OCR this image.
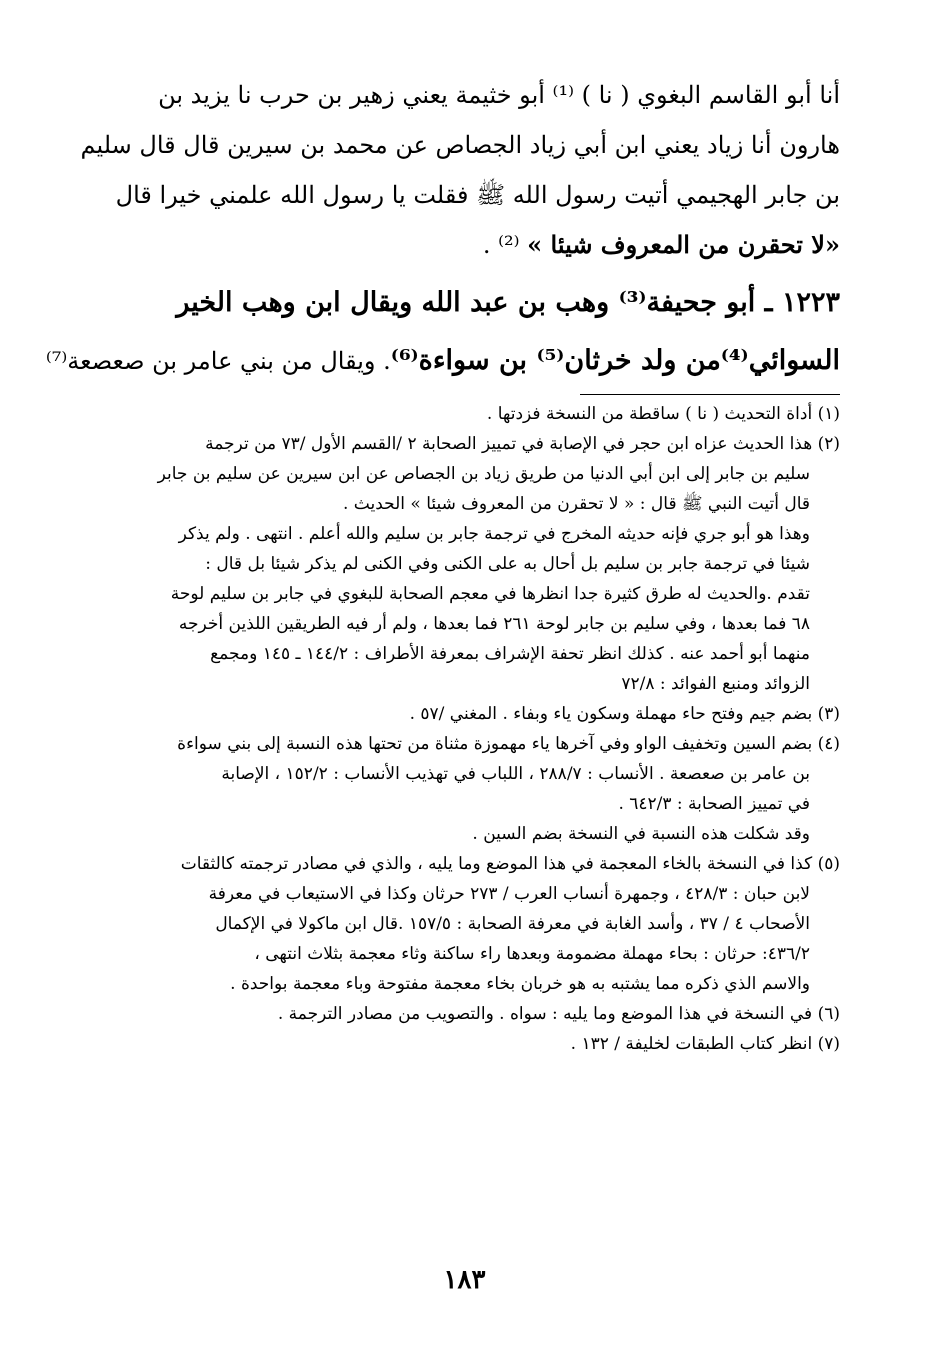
أنا أبو القاسم البغوي ( نا ) ⁽¹⁾ أبو خثيمة يعني زهير بن حرب نا يزيد بن
هارون أنا زياد يعني ابن أبي زياد الجصاص عن محمد بن سيرين قال قال سليم
بن جابر الهجيمي أتيت رسول الله ﷺ فقلت يا رسول الله علمني خيرا قال
«لا تحقرن من المعروف شيئا » ⁽²⁾ .
١٢٢٣ ـ أبو جحيفة⁽³⁾ وهب بن عبد الله ويقال ابن وهب الخير
السوائي⁽⁴⁾من ولد خرثان⁽⁵⁾ بن سواءة⁽⁶⁾. ويقال من بني عامر بن صعصعة⁽⁷⁾
(١) أداة التحديث ( نا ) ساقطة من النسخة فزدتها .
(٢) هذا الحديث عزاه ابن حجر في الإصابة في تمييز الصحابة ٢ /القسم الأول /٧٣ من ترجمة
سليم بن جابر إلى ابن أبي الدنيا من طريق زياد بن الجصاص عن ابن سيرين عن سليم بن جابر
قال أتيت النبي ﷺ قال : « لا تحقرن من المعروف شيئا » الحديث .
وهذا هو أبو جري فإنه حديثه المخرج في ترجمة جابر بن سليم والله أعلم . انتهى . ولم يذكر
شيئا في ترجمة جابر بن سليم بل أحال به على الكنى وفي الكنى لم يذكر شيئا بل قال :
تقدم .والحديث له طرق كثيرة جدا انظرها في معجم الصحابة للبغوي في جابر بن سليم لوحة
٦٨ فما بعدها ، وفي سليم بن جابر لوحة ٢٦١ فما بعدها ، ولم أر فيه الطريقين اللذين أخرجه
منهما أبو أحمد عنه . كذلك انظر تحفة الإشراف بمعرفة الأطراف : ١٤٤/٢ ـ ١٤٥ ومجمع
الزوائد ومنبع الفوائد : ٧٢/٨
(٣) بضم جيم وفتح حاء مهملة وسكون ياء وبفاء . المغني /٥٧ .
(٤) بضم السين وتخفيف الواو وفي آخرها ياء مهموزة مثناة من تحتها هذه النسبة إلى بني سواءة
بن عامر بن صعصعة . الأنساب : ٢٨٨/٧ ، اللباب في تهذيب الأنساب : ١٥٢/٢ ، الإصابة
في تمييز الصحابة : ٦٤٢/٣ .
وقد شكلت هذه النسبة في النسخة بضم السين .
(٥) كذا في النسخة بالخاء المعجمة في هذا الموضع وما يليه ، والذي في مصادر ترجمته كالثقات
لابن حبان : ٤٢٨/٣ ، وجمهرة أنساب العرب / ٢٧٣ حرثان وكذا في الاستيعاب في معرفة
الأصحاب ٤ / ٣٧ ، وأسد الغابة في معرفة الصحابة : ١٥٧/٥ .قال ابن ماكولا في الإكمال
٤٣٦/٢: حرثان : بحاء مهملة مضمومة وبعدها راء ساكنة وثاء معجمة بثلاث انتهى ،
والاسم الذي ذكره مما يشتبه به هو خربان بخاء معجمة مفتوحة وباء معجمة بواحدة .
(٦) في النسخة في هذا الموضع وما يليه : سواه . والتصويب من مصادر الترجمة .
(٧) انظر كتاب الطبقات لخليفة / ١٣٢ .
١٨٣
